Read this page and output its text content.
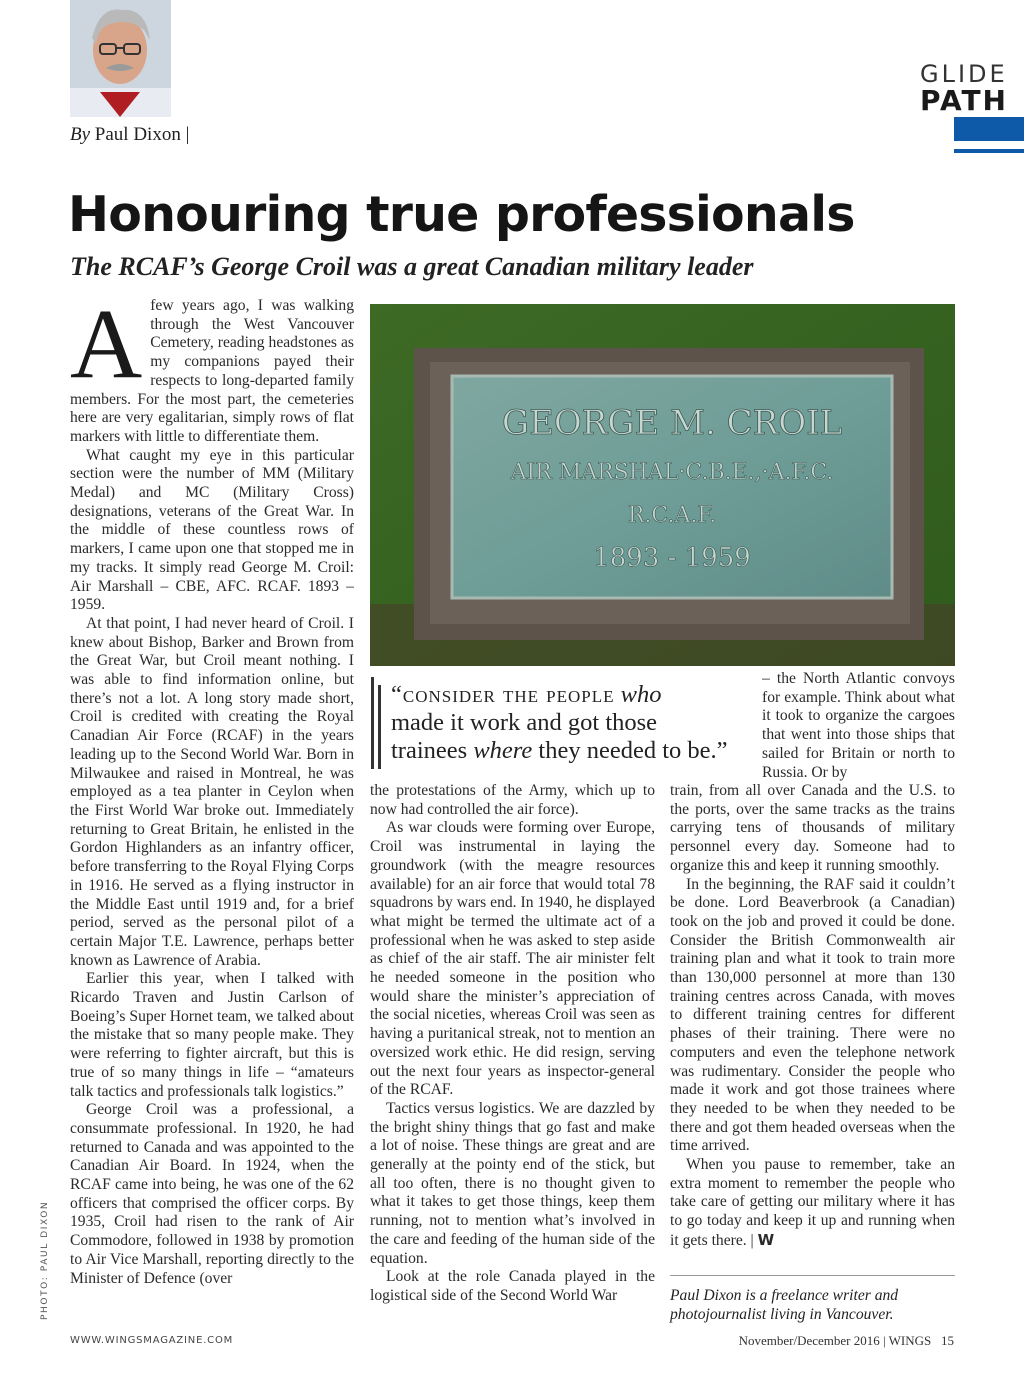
GLIDE
PATH
By Paul Dixon |
Honouring true professionals
The RCAF’s George Croil was a great Canadian military leader
A few years ago, I was walking through the West Vancouver Cemetery, reading headstones as my companions payed their respects to long-departed family members. For the most part, the cemeteries here are very egalitarian, simply rows of flat markers with little to differentiate them.

What caught my eye in this particular section were the number of MM (Military Medal) and MC (Military Cross) designations, veterans of the Great War. In the middle of these countless rows of markers, I came upon one that stopped me in my tracks. It simply read George M. Croil: Air Marshall – CBE, AFC. RCAF. 1893 – 1959.

At that point, I had never heard of Croil. I knew about Bishop, Barker and Brown from the Great War, but Croil meant nothing. I was able to find information online, but there’s not a lot. A long story made short, Croil is credited with creating the Royal Canadian Air Force (RCAF) in the years leading up to the Second World War. Born in Milwaukee and raised in Montreal, he was employed as a tea planter in Ceylon when the First World War broke out. Immediately returning to Great Britain, he enlisted in the Gordon Highlanders as an infantry officer, before transferring to the Royal Flying Corps in 1916. He served as a flying instructor in the Middle East until 1919 and, for a brief period, served as the personal pilot of a certain Major T.E. Lawrence, perhaps better known as Lawrence of Arabia.

Earlier this year, when I talked with Ricardo Traven and Justin Carlson of Boeing’s Super Hornet team, we talked about the mistake that so many people make. They were referring to fighter aircraft, but this is true of so many things in life – “amateurs talk tactics and professionals talk logistics.”

George Croil was a professional, a consummate professional. In 1920, he had returned to Canada and was appointed to the Canadian Air Board. In 1924, when the RCAF came into being, he was one of the 62 officers that comprised the officer corps. By 1935, Croil had risen to the rank of Air Commodore, followed in 1938 by promotion to Air Vice Marshall, reporting directly to the Minister of Defence (over

GEORGE M. CROIL
AIR MARSHAL·C.B.E.,·A.F.C.
R.C.A.F.
1893 - 1959
“consider the people who
made it work and got those
trainees where they needed to be.”

– the North Atlantic convoys for example. Think about what it took to organize the cargoes that went into those ships that sailed for Britain or north to Russia. Or by

the protestations of the Army, which up to now had controlled the air force).

As war clouds were forming over Europe, Croil was instrumental in laying the groundwork (with the meagre resources available) for an air force that would total 78 squadrons by wars end. In 1940, he displayed what might be termed the ultimate act of a professional when he was asked to step aside as chief of the air staff. The air minister felt he needed someone in the position who would share the minister’s appreciation of the social niceties, whereas Croil was seen as having a puritanical streak, not to mention an oversized work ethic. He did resign, serving out the next four years as inspector-general of the RCAF.

Tactics versus logistics. We are dazzled by the bright shiny things that go fast and make a lot of noise. These things are great and are generally at the pointy end of the stick, but all too often, there is no thought given to what it takes to get those things, keep them running, not to mention what’s involved in the care and feeding of the human side of the equation.

Look at the role Canada played in the logistical side of the Second World War

train, from all over Canada and the U.S. to the ports, over the same tracks as the trains carrying tens of thousands of military personnel every day. Someone had to organize this and keep it running smoothly.

In the beginning, the RAF said it couldn’t be done. Lord Beaverbrook (a Canadian) took on the job and proved it could be done. Consider the British Commonwealth air training plan and what it took to train more than 130,000 personnel at more than 130 training centres across Canada, with moves to different training centres for different phases of their training. There were no computers and even the telephone network was rudimentary. Consider the people who made it work and got those trainees where they needed to be when they needed to be there and got them headed overseas when the time arrived.

When you pause to remember, take an extra moment to remember the people who take care of getting our military where it has to go today and keep it up and running when it gets there. | W

Paul Dixon is a freelance writer and photojournalist living in Vancouver.
PHOTO: PAUL DIXON
WWW.WINGSMAGAZINE.COM	November/December 2016 | WINGS 15
